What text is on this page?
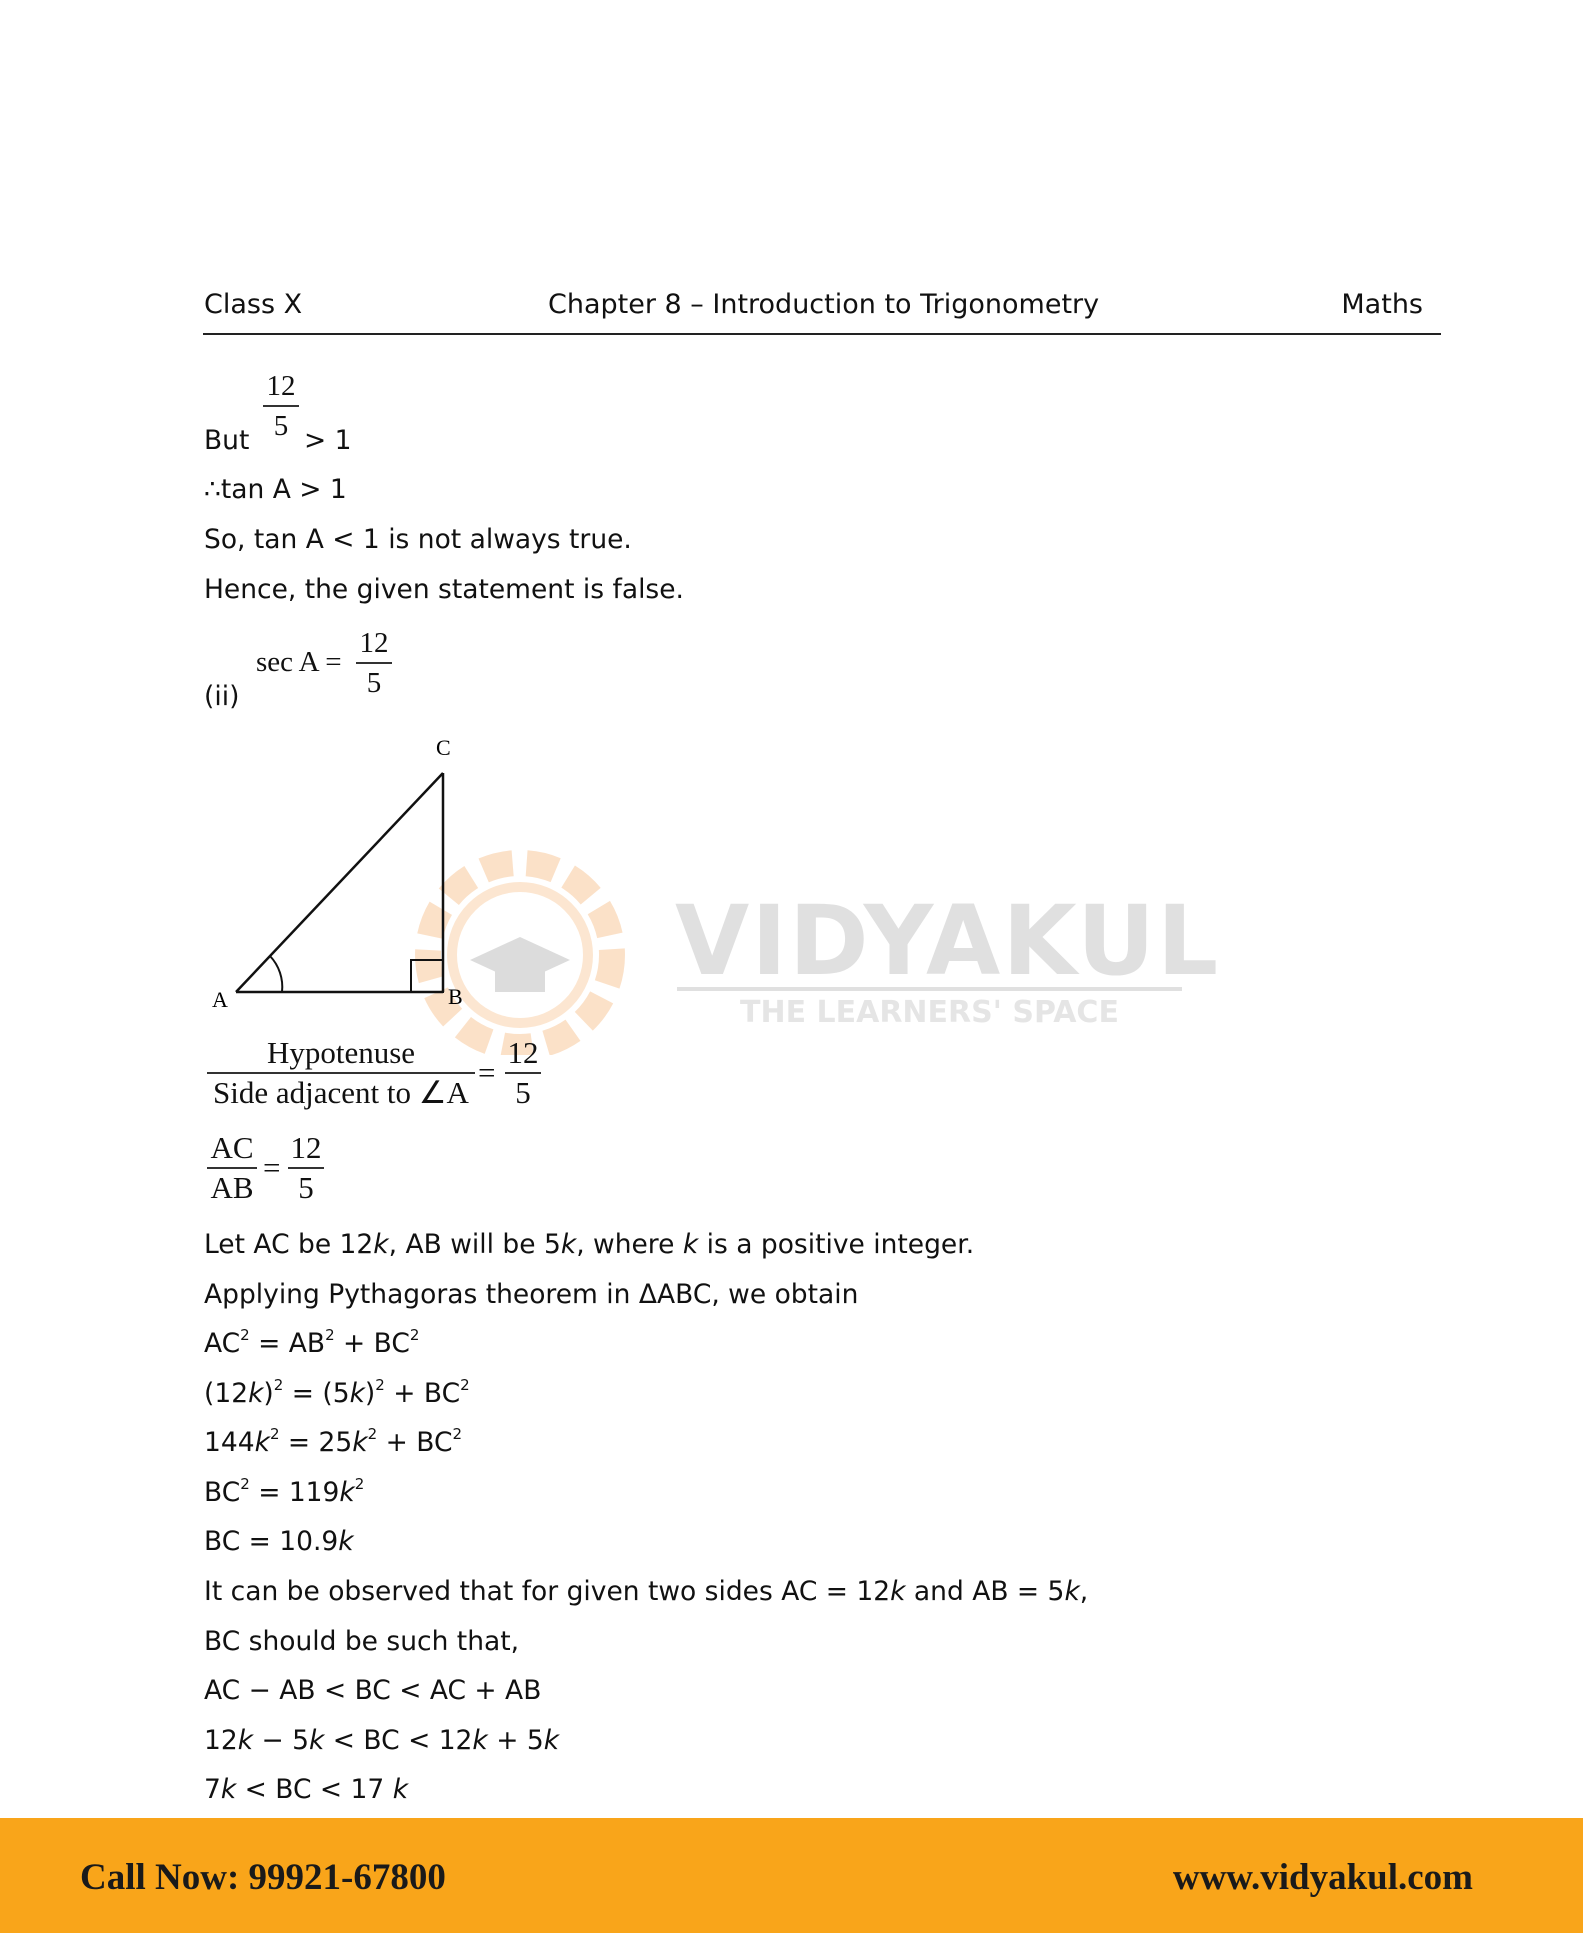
Class X	Chapter 8 – Introduction to Trigonometry	Maths
VIDYAKUL
THE LEARNERS' SPACE
But
12
5 > 1
∴tan A > 1
So, tan A < 1 is not always true.
Hence, the given statement is false.
sec A =
12
5
(ii)
A	B
C
Hypotenuse
Side adjacent to ∠A
=
12
5
AC
AB
=
12
5
Let AC be 12k, AB will be 5k, where k is a positive integer.
Applying Pythagoras theorem in ΔABC, we obtain
$AC^2 = AB^2 + BC^2$
$(12k)^2 = (5k)^2 + BC^2$
$144k^2 = 25k^2 + BC^2$
$BC^2 = 119k^2$
BC = 10.9k
It can be observed that for given two sides AC = 12k and AB = 5k,
BC should be such that,
AC − AB < BC < AC + AB
12k − 5k < BC < 12k + 5k
7k < BC < 17 k
Call Now: 99921-67800	www.vidyakul.com
